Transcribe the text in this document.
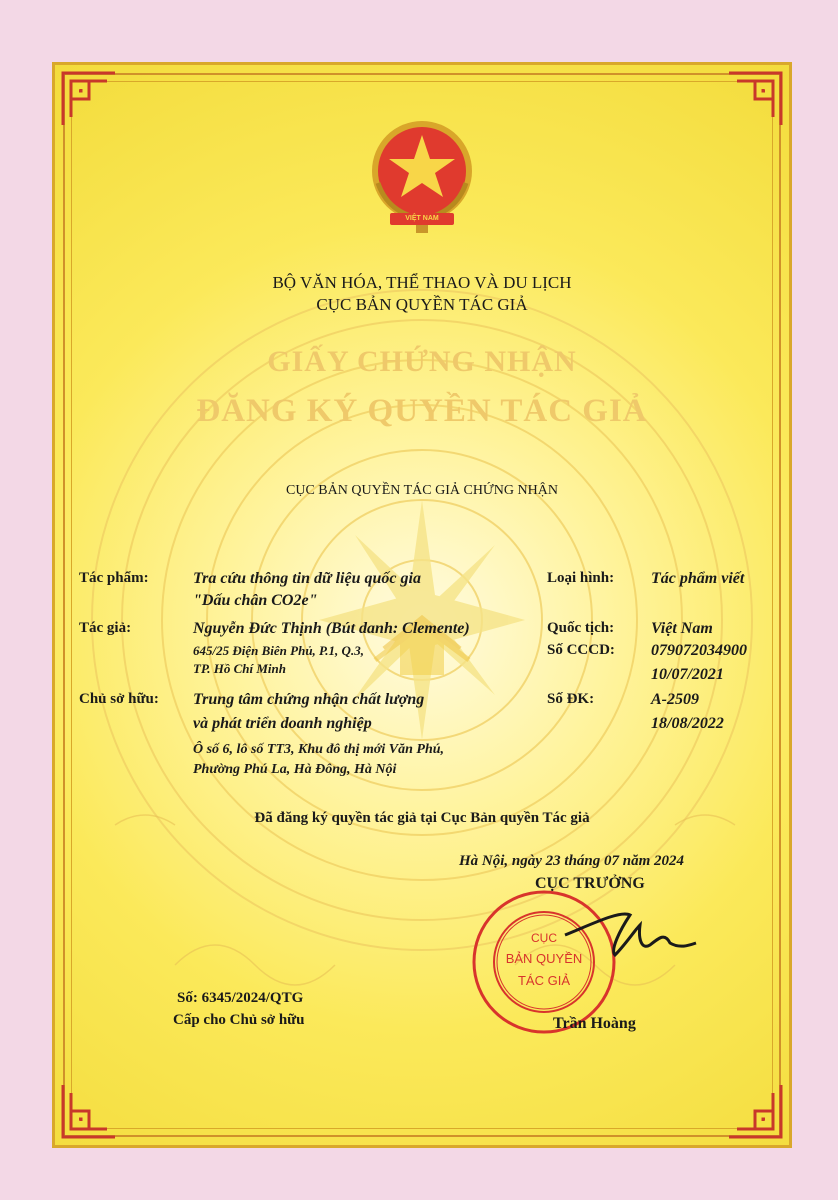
VIỆT NAM
BỘ VĂN HÓA, THỂ THAO VÀ DU LỊCH
CỤC BẢN QUYỀN TÁC GIẢ
GIẤY CHỨNG NHẬN
ĐĂNG KÝ QUYỀN TÁC GIẢ
CỤC BẢN QUYỀN TÁC GIẢ CHỨNG NHẬN
Tác phẩm:	Tra cứu thông tin dữ liệu quốc gia
"Dấu chân CO2e"
Loại hình: Tác phẩm viết
Tác giả:	Nguyễn Đức Thịnh (Bút danh: Clemente)
645/25 Điện Biên Phủ, P.1, Q.3,
TP. Hồ Chí Minh
Quốc tịch: Việt Nam
Số CCCD: 079072034900
10/07/2021
Chủ sở hữu: Trung tâm chứng nhận chất lượng
và phát triển doanh nghiệp
Ô số 6, lô số TT3, Khu đô thị mới Văn Phú,
Phường Phú La, Hà Đông, Hà Nội
Số ĐK:	A-2509
18/08/2022
Đã đăng ký quyền tác giả tại Cục Bản quyền Tác giả
Hà Nội, ngày 23 tháng 07 năm 2024
CỤC TRƯỞNG
CỤC
BẢN QUYỀN
TÁC GIẢ
Trần Hoàng
Số: 6345/2024/QTG
Cấp cho Chủ sở hữu
